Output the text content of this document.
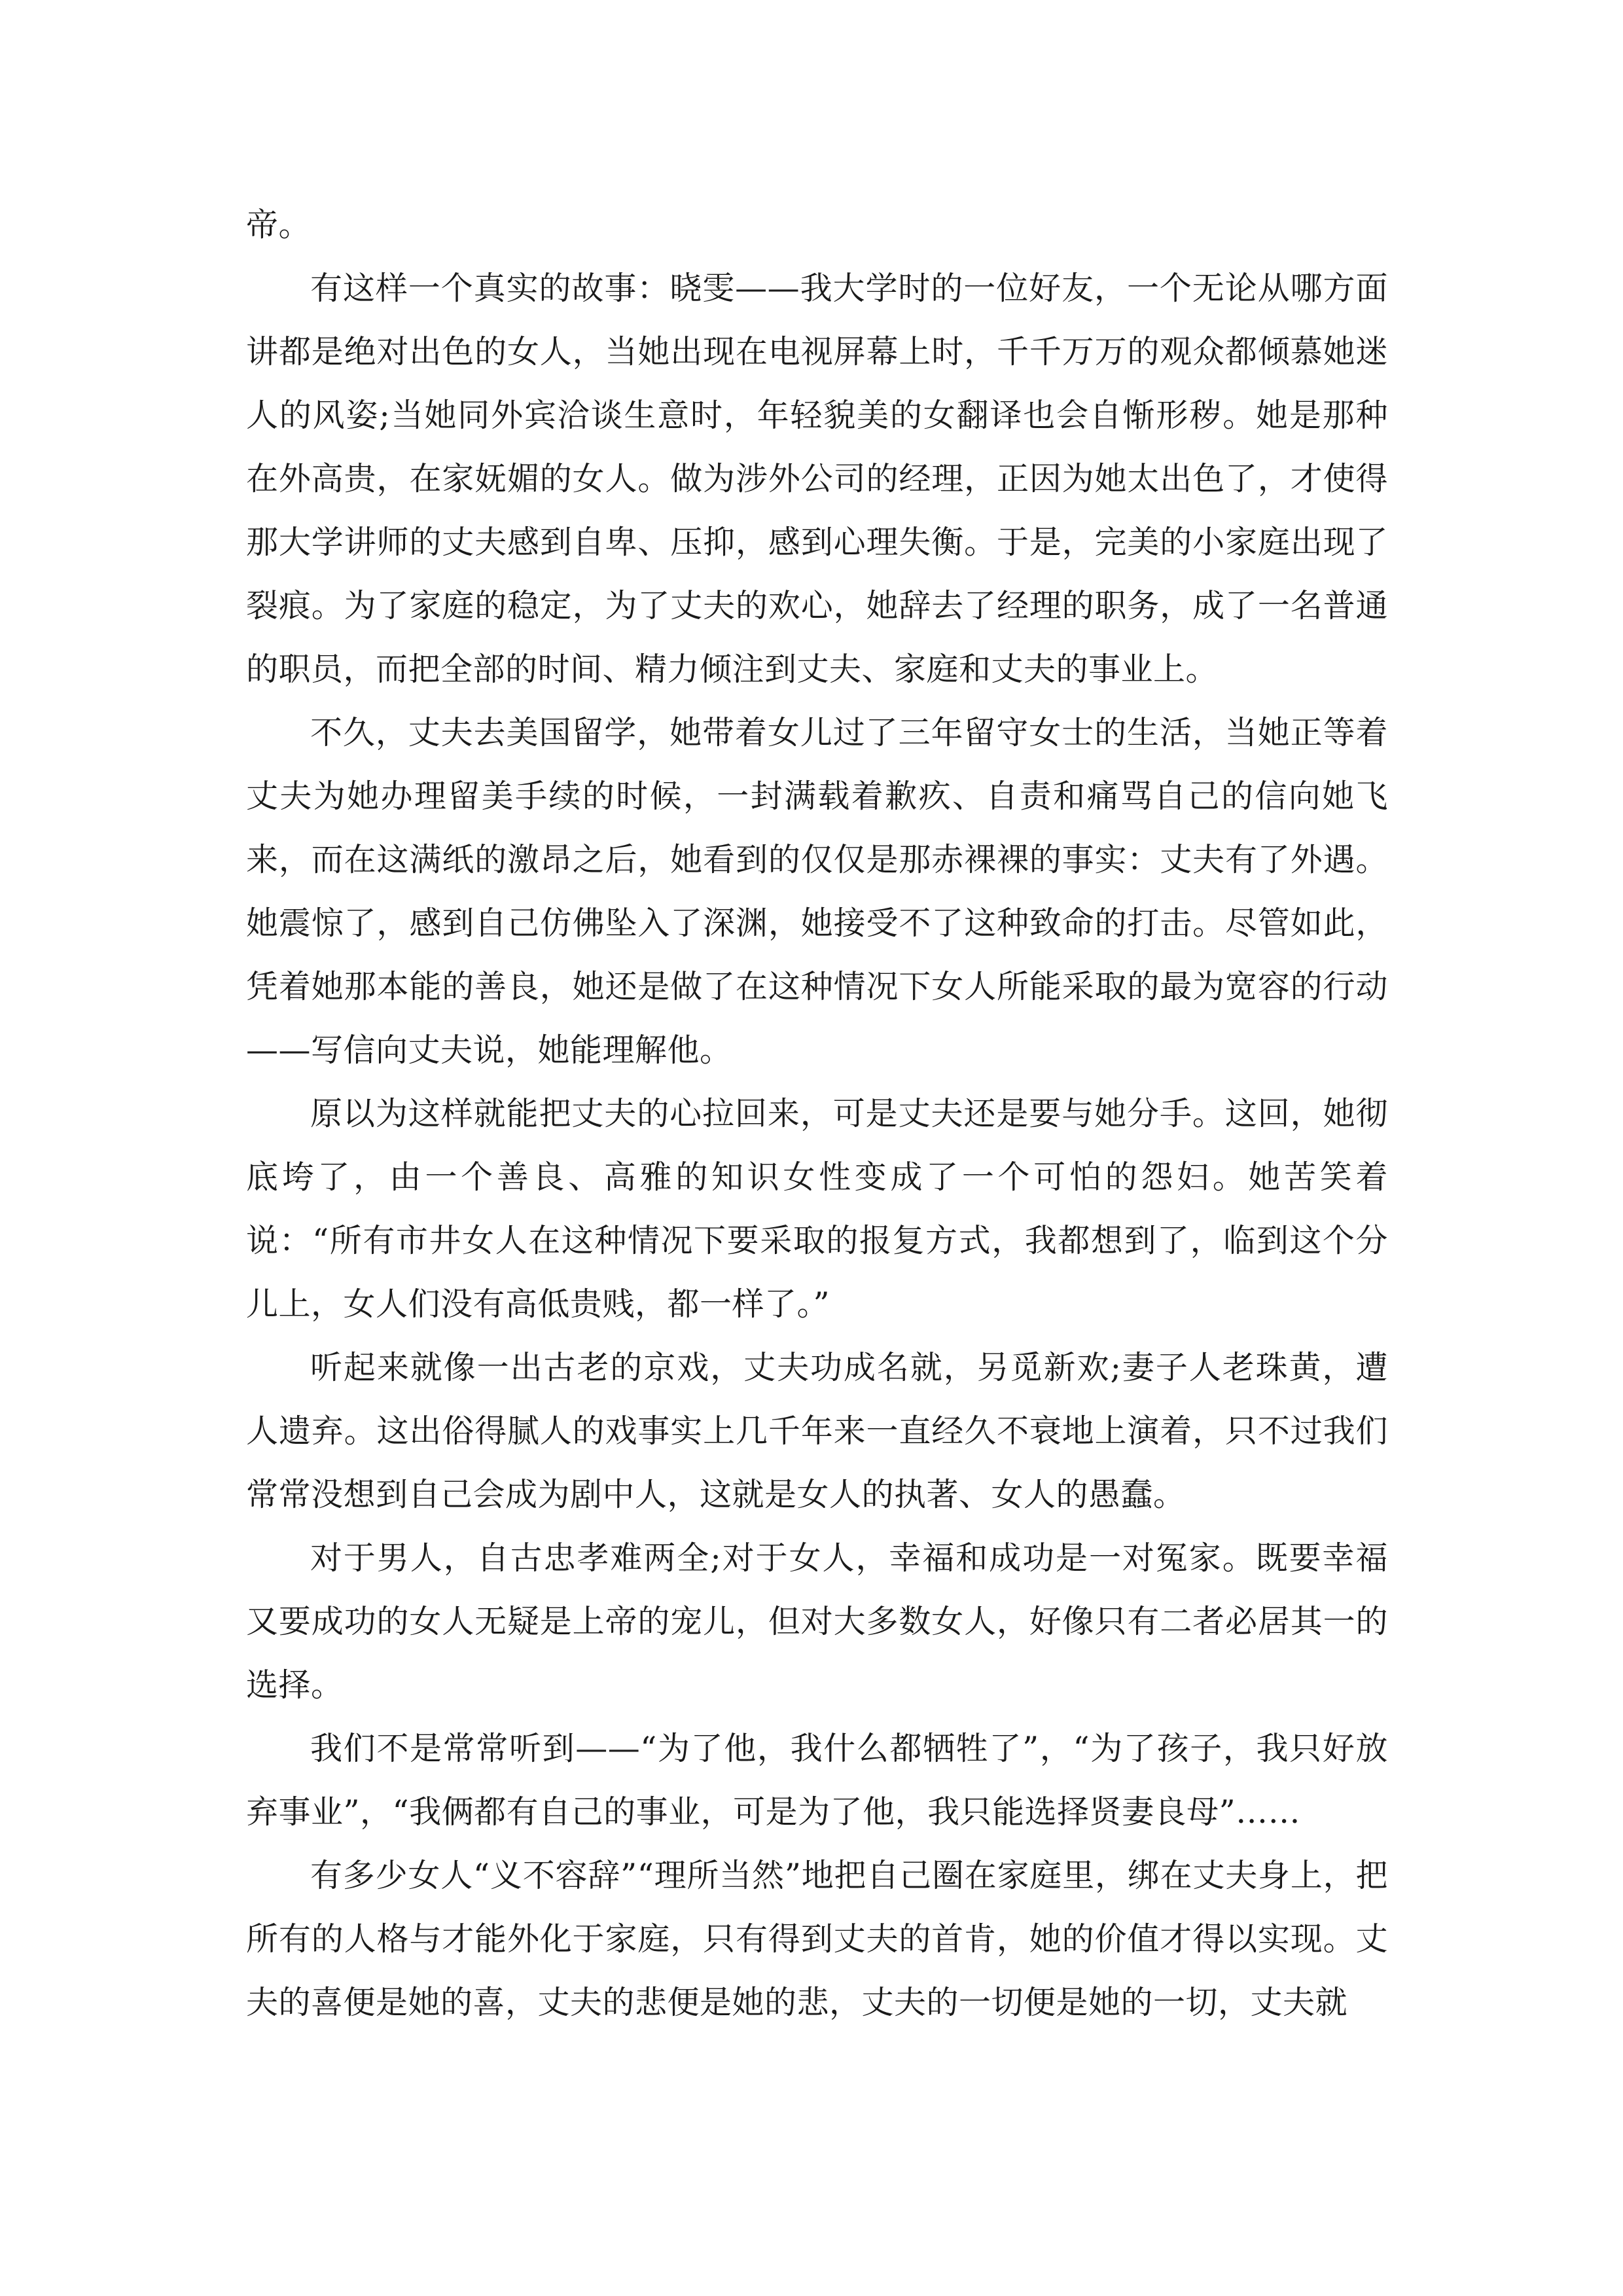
帝。

有这样一个真实的故事：晓雯——我大学时的一位好友，一个无论从哪方面讲都是绝对出色的女人，当她出现在电视屏幕上时，千千万万的观众都倾慕她迷人的风姿;当她同外宾洽谈生意时，年轻貌美的女翻译也会自惭形秽。她是那种在外高贵，在家妩媚的女人。做为涉外公司的经理，正因为她太出色了，才使得那大学讲师的丈夫感到自卑、压抑，感到心理失衡。于是，完美的小家庭出现了裂痕。为了家庭的稳定，为了丈夫的欢心，她辞去了经理的职务，成了一名普通的职员，而把全部的时间、精力倾注到丈夫、家庭和丈夫的事业上。

不久，丈夫去美国留学，她带着女儿过了三年留守女士的生活，当她正等着丈夫为她办理留美手续的时候，一封满载着歉疚、自责和痛骂自己的信向她飞来，而在这满纸的激昂之后，她看到的仅仅是那赤裸裸的事实：丈夫有了外遇。她震惊了，感到自己仿佛坠入了深渊，她接受不了这种致命的打击。尽管如此，凭着她那本能的善良，她还是做了在这种情况下女人所能采取的最为宽容的行动——写信向丈夫说，她能理解他。

原以为这样就能把丈夫的心拉回来，可是丈夫还是要与她分手。这回，她彻底垮了，由一个善良、高雅的知识女性变成了一个可怕的怨妇。她苦笑着说：“所有市井女人在这种情况下要采取的报复方式，我都想到了，临到这个分儿上，女人们没有高低贵贱，都一样了。”

听起来就像一出古老的京戏，丈夫功成名就，另觅新欢;妻子人老珠黄，遭人遗弃。这出俗得腻人的戏事实上几千年来一直经久不衰地上演着，只不过我们常常没想到自己会成为剧中人，这就是女人的执著、女人的愚蠢。

对于男人，自古忠孝难两全;对于女人，幸福和成功是一对冤家。既要幸福又要成功的女人无疑是上帝的宠儿，但对大多数女人，好像只有二者必居其一的选择。

我们不是常常听到——“为了他，我什么都牺牲了”，“为了孩子，我只好放弃事业”，“我俩都有自己的事业，可是为了他，我只能选择贤妻良母”……

有多少女人“义不容辞”“理所当然”地把自己圈在家庭里，绑在丈夫身上，把所有的人格与才能外化于家庭，只有得到丈夫的首肯，她的价值才得以实现。丈夫的喜便是她的喜，丈夫的悲便是她的悲，丈夫的一切便是她的一切，丈夫就
